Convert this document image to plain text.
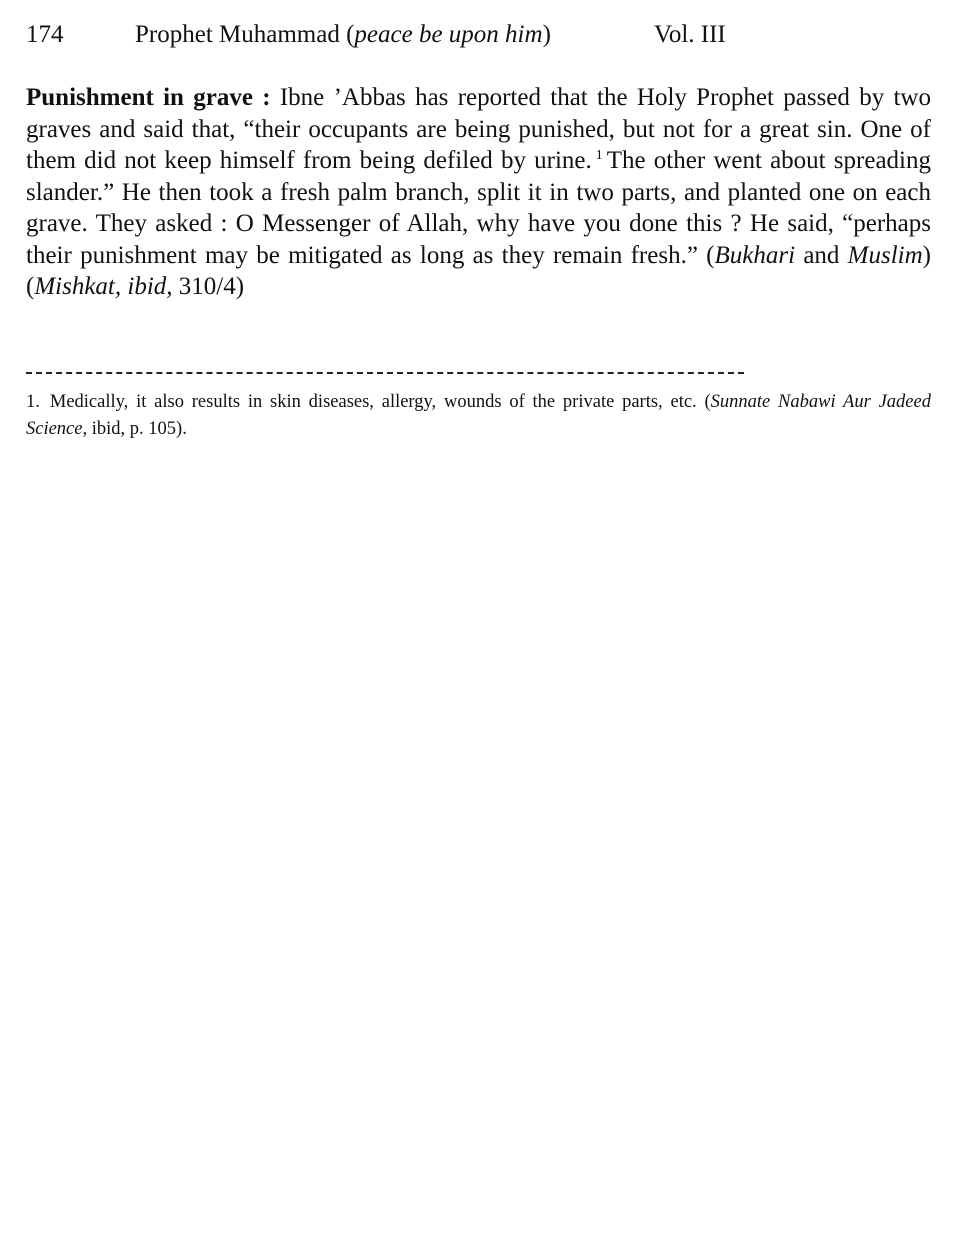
174	Prophet Muhammad (peace be upon him)	Vol. III

Punishment in grave : Ibne ’Abbas has reported that the Holy Prophet passed by two graves and said that, “their occupants are being punished, but not for a great sin. One of them did not keep himself from being defiled by urine. $^1$ The other went about spreading slander.” He then took a fresh palm branch, split it in two parts, and planted one on each grave. They asked : O Messenger of Allah, why have you done this ? He said, “perhaps their punishment may be mitigated as long as they remain fresh.” (Bukhari and Muslim) (Mishkat, ibid, 310/4)

1. Medically, it also results in skin diseases, allergy, wounds of the private parts, etc. (Sunnate Nabawi Aur Jadeed Science, ibid, p. 105).
